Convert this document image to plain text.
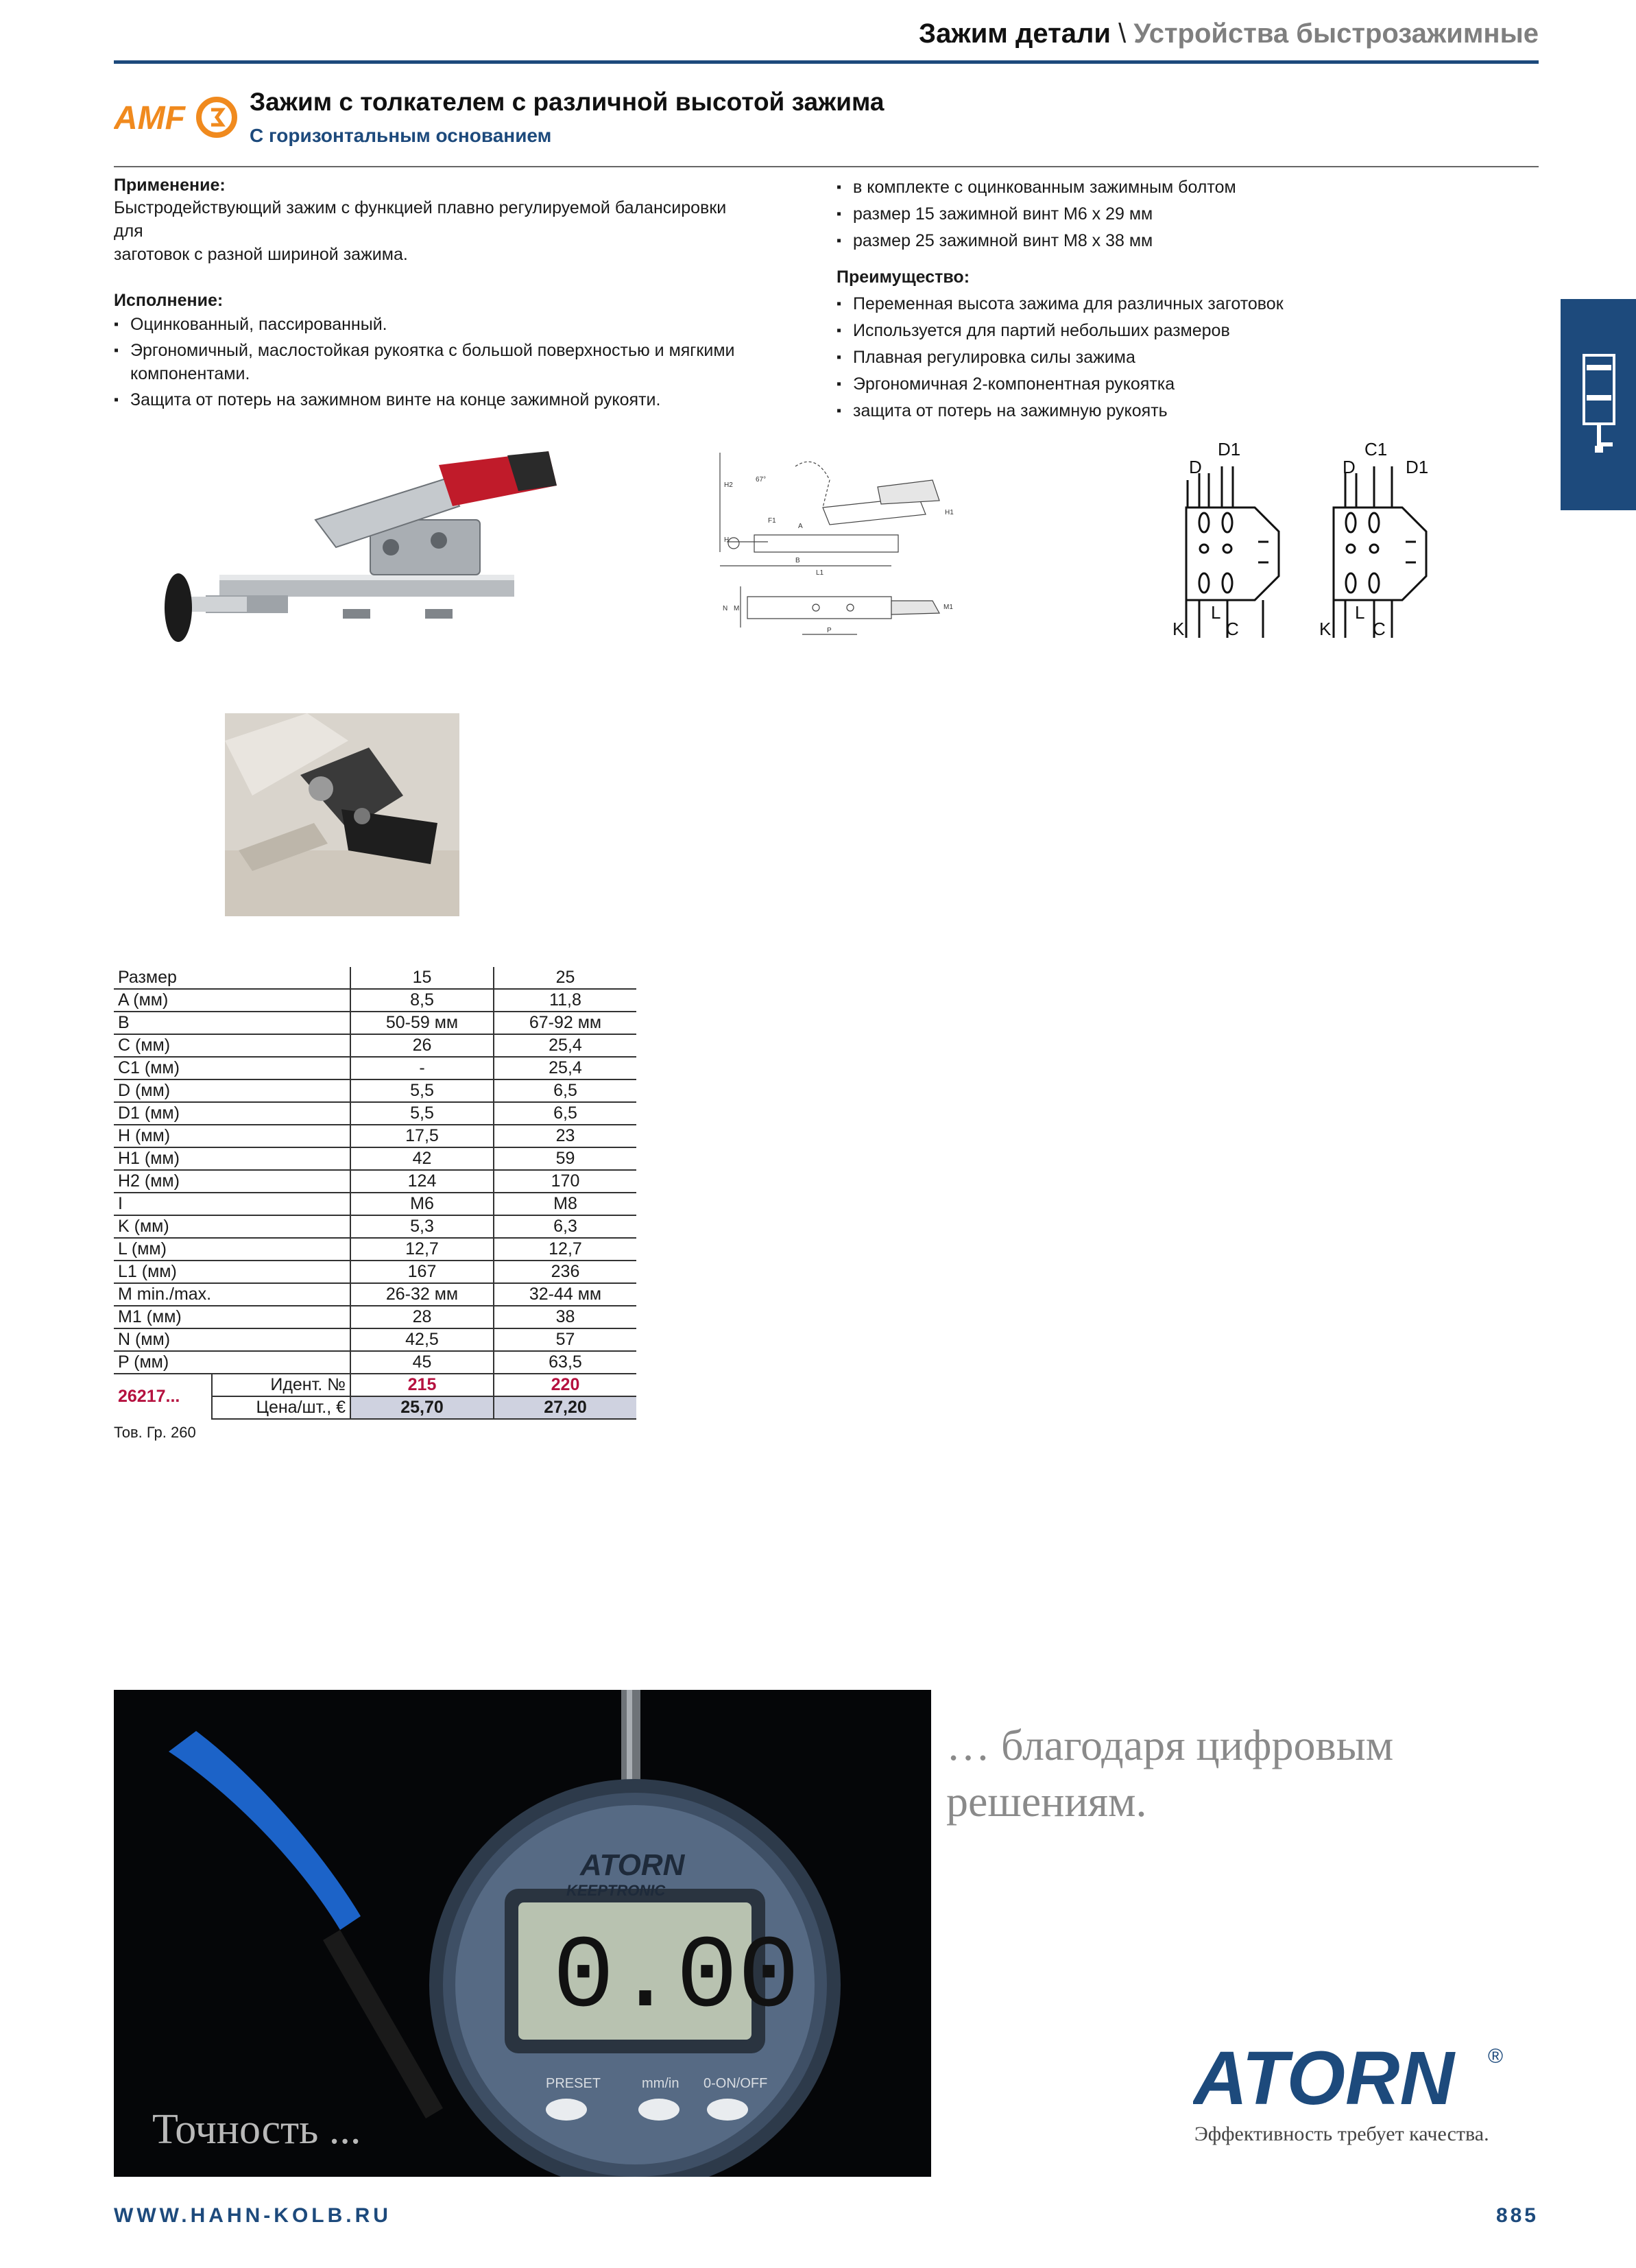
Зажим детали \ Устройства быстрозажимные
AMF	Зажим с толкателем с различной высотой зажима
С горизонтальным основанием
Применение:
Быстродействующий зажим с функцией плавно регулируемой балансировки
для
заготовок с разной шириной зажима.
Исполнение:
▪ Оцинкованный, пассированный.
▪ Эргономичный, маслостойкая рукоятка с большой поверхностью и мягкими компонентами.
▪ Защита от потерь на зажимном винте на конце зажимной рукояти.
▪ в комплекте с оцинкованным зажимным болтом
▪ размер 15 зажимной винт M6 x 29 мм
▪ размер 25 зажимной винт M8 x 38 мм
Преимущество:
▪ Переменная высота зажима для различных заготовок
▪ Используется для партий небольших размеров
▪ Плавная регулировка силы зажима
▪ Эргономичная 2-компонентная рукоятка
▪ защита от потерь на зажимную рукоять
H2
67°
H
H1
F1
A
B
L1
N M	M1
P
D1
D
K
L
C
C1
D	D1
K
L
C
Размер		15	25
A (мм)		8,5	11,8
B		50-59 мм	67-92 мм
C (мм)		26	25,4
C1 (мм)		-	25,4
D (мм)		5,5	6,5
D1 (мм)		5,5	6,5
H (мм)		17,5	23
H1 (мм)		42	59
H2 (мм)		124	170
I		M6	M8
K (мм)		5,3	6,3
L (мм)		12,7	12,7
L1 (мм)		167	236
M min./max.		26-32 мм	32-44 мм
M1 (мм)		28	38
N (мм)		42,5	57
P (мм)		45	63,5
26217...	Идент. №	215	220
	Цена/шт., €	25,70	27,20
Тов. Гр. 260
ATORN
KEEPTRONIC
0.00
PRESET	mm/in 0-ON/OFF
Точность ...
… благодаря цифровым
решениям.
ATORN ®
Эффективность требует качества.
WWW.HAHN-KOLB.RU	885
